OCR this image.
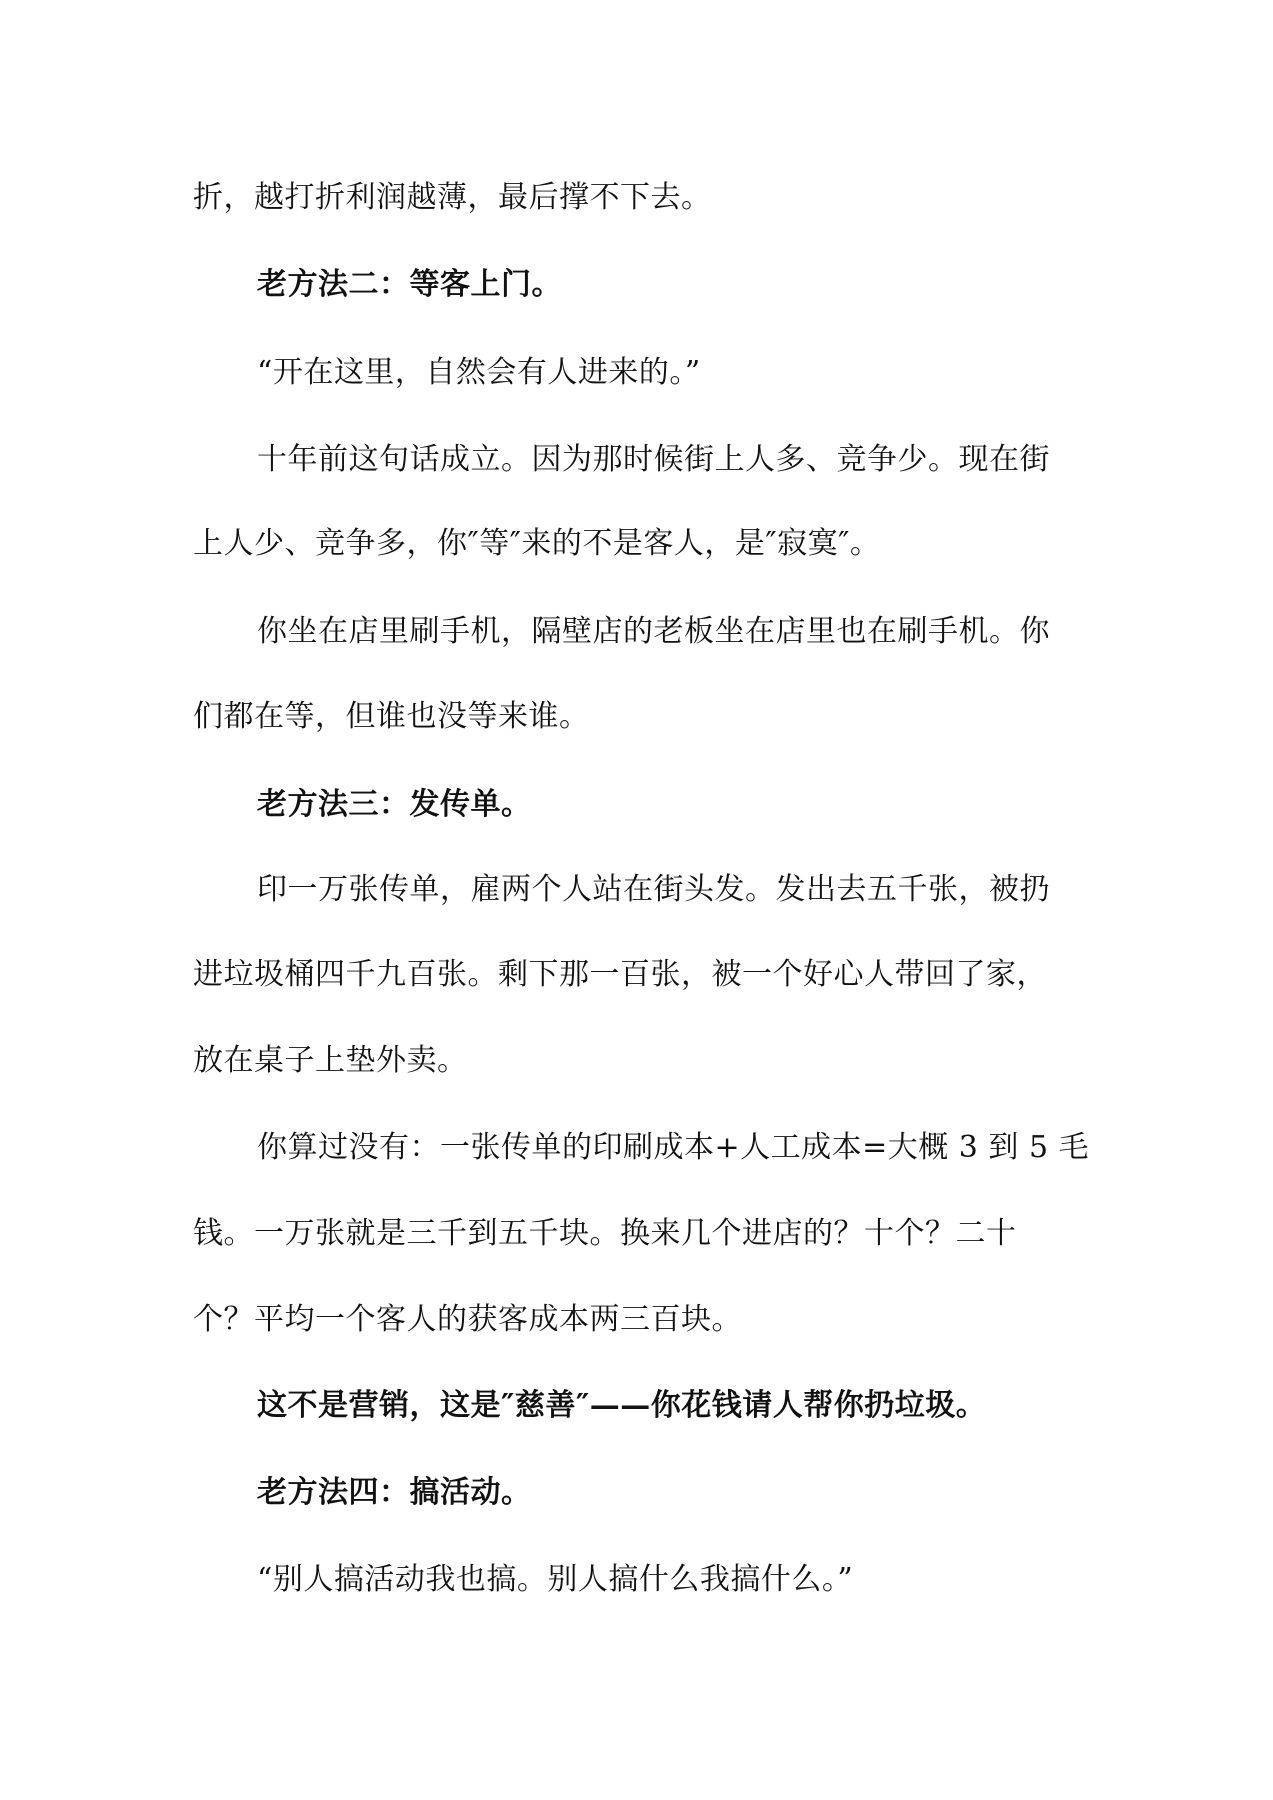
折，越打折利润越薄，最后撑不下去。
老方法二：等客上门。
“开在这里，自然会有人进来的。”
十年前这句话成立。因为那时候街上人多、竞争少。现在街
上人少、竞争多，你″等″来的不是客人，是″寂寞″。
你坐在店里刷手机，隔壁店的老板坐在店里也在刷手机。你
们都在等，但谁也没等来谁。
老方法三：发传单。
印一万张传单，雇两个人站在街头发。发出去五千张，被扔
进垃圾桶四千九百张。剩下那一百张，被一个好心人带回了家，
放在桌子上垫外卖。
你算过没有：一张传单的印刷成本+人工成本=大概 3 到 5 毛
钱。一万张就是三千到五千块。换来几个进店的？十个？二十
个？平均一个客人的获客成本两三百块。
这不是营销，这是″慈善″——你花钱请人帮你扔垃圾。
老方法四：搞活动。
“别人搞活动我也搞。别人搞什么我搞什么。”
